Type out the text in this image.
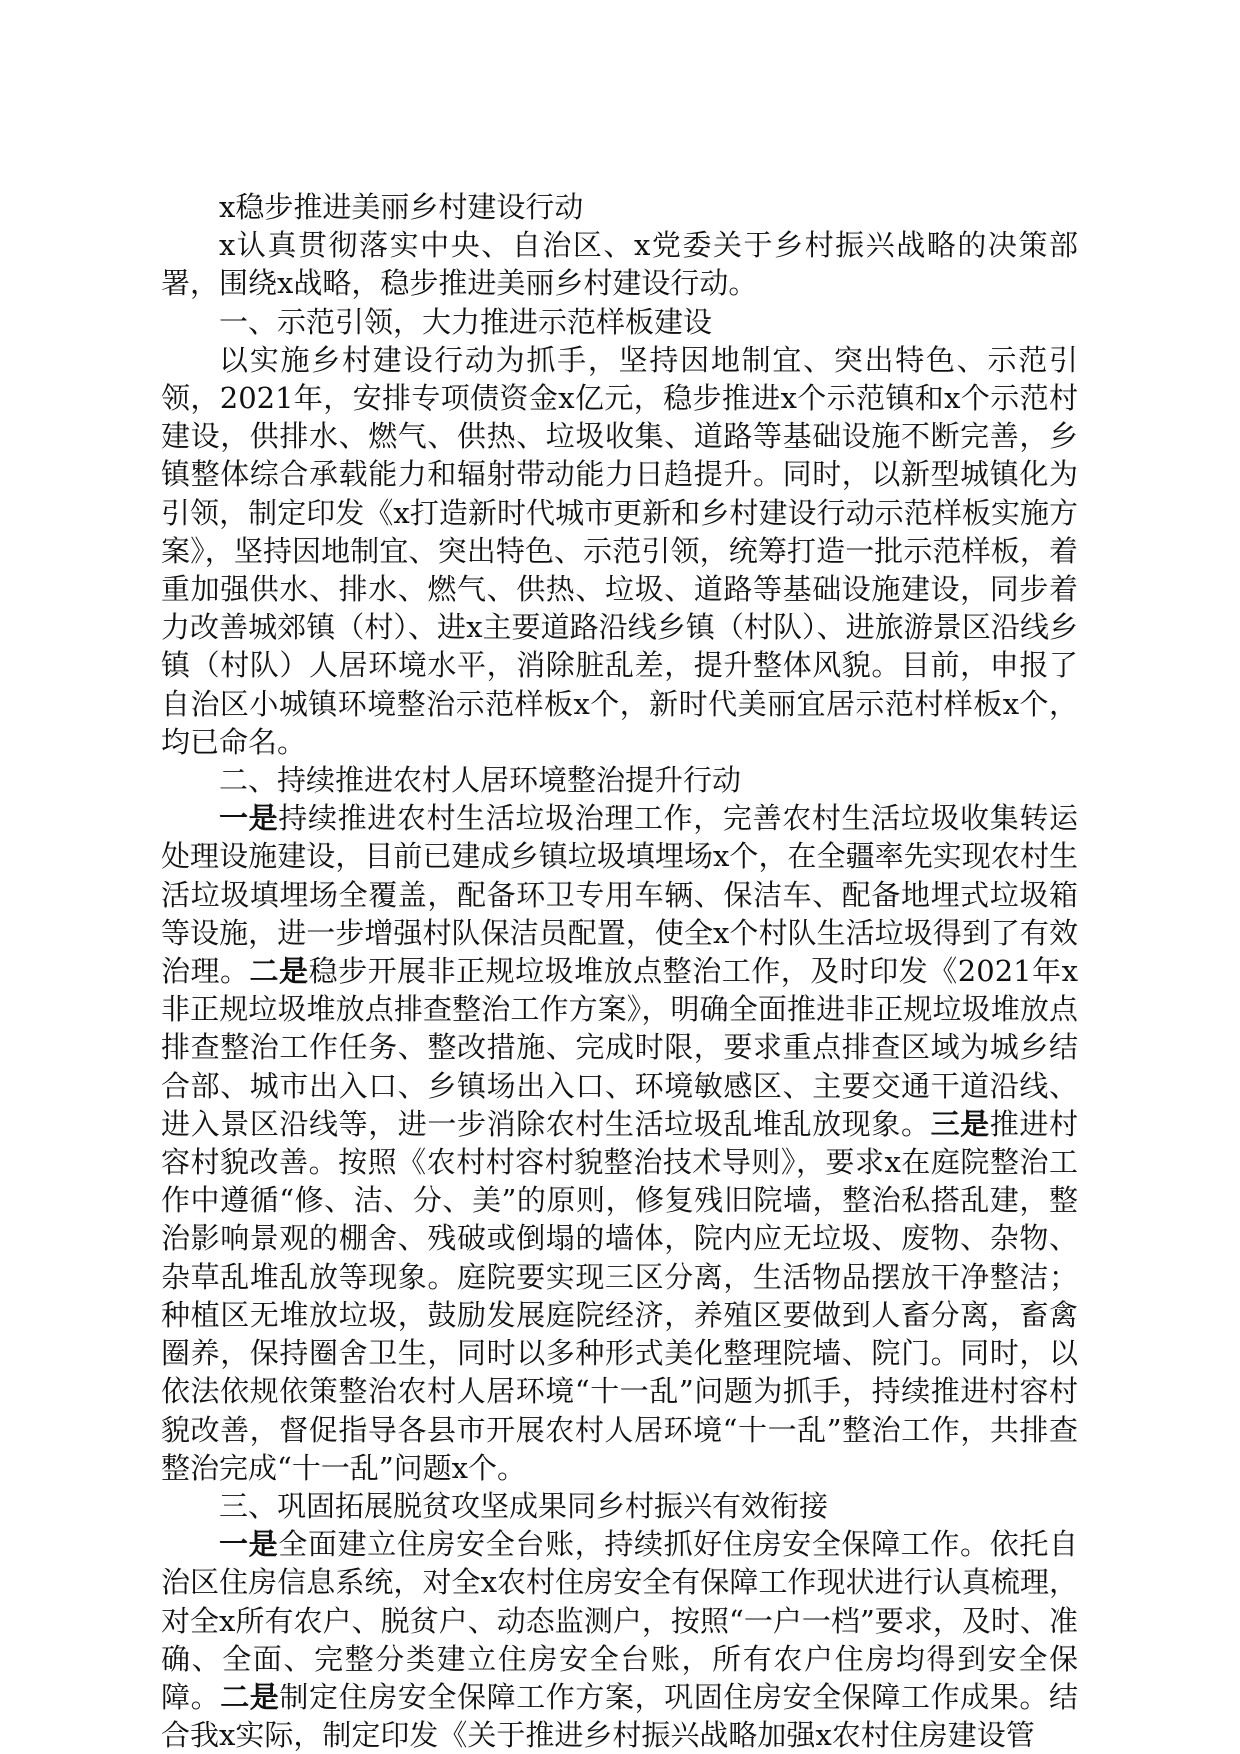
x稳步推进美丽乡村建设行动

x认真贯彻落实中央、自治区、x党委关于乡村振兴战略的决策部署，围绕x战略，稳步推进美丽乡村建设行动。

一、示范引领，大力推进示范样板建设

以实施乡村建设行动为抓手，坚持因地制宜、突出特色、示范引领，2021年，安排专项债资金x亿元，稳步推进x个示范镇和x个示范村建设，供排水、燃气、供热、垃圾收集、道路等基础设施不断完善，乡镇整体综合承载能力和辐射带动能力日趋提升。同时，以新型城镇化为引领，制定印发《x打造新时代城市更新和乡村建设行动示范样板实施方案》，坚持因地制宜、突出特色、示范引领，统筹打造一批示范样板，着重加强供水、排水、燃气、供热、垃圾、道路等基础设施建设，同步着力改善城郊镇（村）、进x主要道路沿线乡镇（村队）、进旅游景区沿线乡镇（村队）人居环境水平，消除脏乱差，提升整体风貌。目前，申报了自治区小城镇环境整治示范样板x个，新时代美丽宜居示范村样板x个，均已命名。

二、持续推进农村人居环境整治提升行动

一是持续推进农村生活垃圾治理工作，完善农村生活垃圾收集转运处理设施建设，目前已建成乡镇垃圾填埋场x个，在全疆率先实现农村生活垃圾填埋场全覆盖，配备环卫专用车辆、保洁车、配备地埋式垃圾箱等设施，进一步增强村队保洁员配置，使全x个村队生活垃圾得到了有效治理。二是稳步开展非正规垃圾堆放点整治工作，及时印发《2021年x非正规垃圾堆放点排查整治工作方案》，明确全面推进非正规垃圾堆放点排查整治工作任务、整改措施、完成时限，要求重点排查区域为城乡结合部、城市出入口、乡镇场出入口、环境敏感区、主要交通干道沿线、进入景区沿线等，进一步消除农村生活垃圾乱堆乱放现象。三是推进村容村貌改善。按照《农村村容村貌整治技术导则》，要求x在庭院整治工作中遵循“修、洁、分、美”的原则，修复残旧院墙，整治私搭乱建，整治影响景观的棚舍、残破或倒塌的墙体，院内应无垃圾、废物、杂物、杂草乱堆乱放等现象。庭院要实现三区分离，生活物品摆放干净整洁；种植区无堆放垃圾，鼓励发展庭院经济，养殖区要做到人畜分离，畜禽圈养，保持圈舍卫生，同时以多种形式美化整理院墙、院门。同时，以依法依规依策整治农村人居环境“十一乱”问题为抓手，持续推进村容村貌改善，督促指导各县市开展农村人居环境“十一乱”整治工作，共排查整治完成“十一乱”问题x个。

三、巩固拓展脱贫攻坚成果同乡村振兴有效衔接

一是全面建立住房安全台账，持续抓好住房安全保障工作。依托自治区住房信息系统，对全x农村住房安全有保障工作现状进行认真梳理，对全x所有农户、脱贫户、动态监测户，按照“一户一档”要求，及时、准确、全面、完整分类建立住房安全台账，所有农户住房均得到安全保障。二是制定住房安全保障工作方案，巩固住房安全保障工作成果。结合我x实际，制定印发《关于推进乡村振兴战略加强x农村住房建设管
